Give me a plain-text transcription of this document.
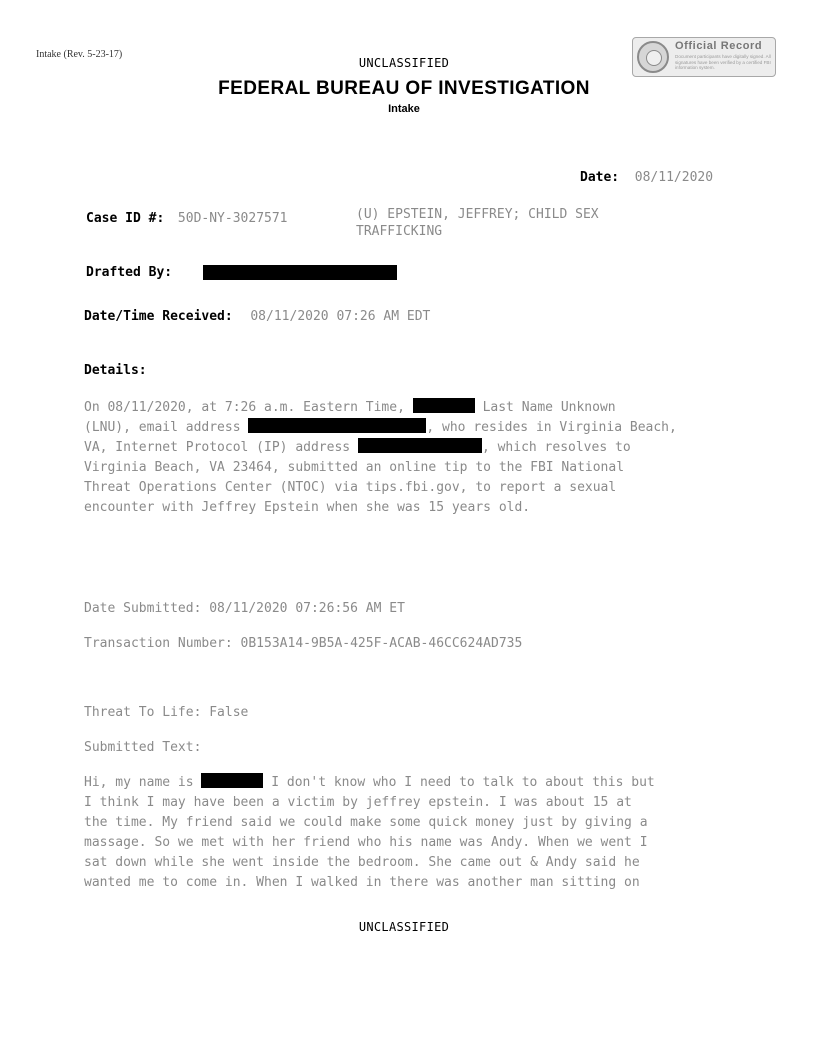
Intake (Rev. 5-23-17)
UNCLASSIFIED
FEDERAL BUREAU OF INVESTIGATION
Intake
Official Record
Document participants have digitally signed. All signatures have been verified by a certified FBI information system.
Date: 08/11/2020
Case ID #: 50D-NY-3027571	(U) EPSTEIN, JEFFREY; CHILD SEX
TRAFFICKING
Drafted By:
Date/Time Received: 08/11/2020 07:26 AM EDT
Details:
On 08/11/2020, at 7:26 a.m. Eastern Time,	Last Name Unknown
(LNU), email address	, who resides in Virginia Beach,
VA, Internet Protocol (IP) address	, which resolves to
Virginia Beach, VA 23464, submitted an online tip to the FBI National
Threat Operations Center (NTOC) via tips.fbi.gov, to report a sexual
encounter with Jeffrey Epstein when she was 15 years old.
Date Submitted: 08/11/2020 07:26:56 AM ET
Transaction Number: 0B153A14-9B5A-425F-ACAB-46CC624AD735
Threat To Life: False
Submitted Text:
Hi, my name is	I don't know who I need to talk to about this but
I think I may have been a victim by jeffrey epstein. I was about 15 at
the time. My friend said we could make some quick money just by giving a
massage. So we met with her friend who his name was Andy. When we went I
sat down while she went inside the bedroom. She came out & Andy said he
wanted me to come in. When I walked in there was another man sitting on
UNCLASSIFIED
